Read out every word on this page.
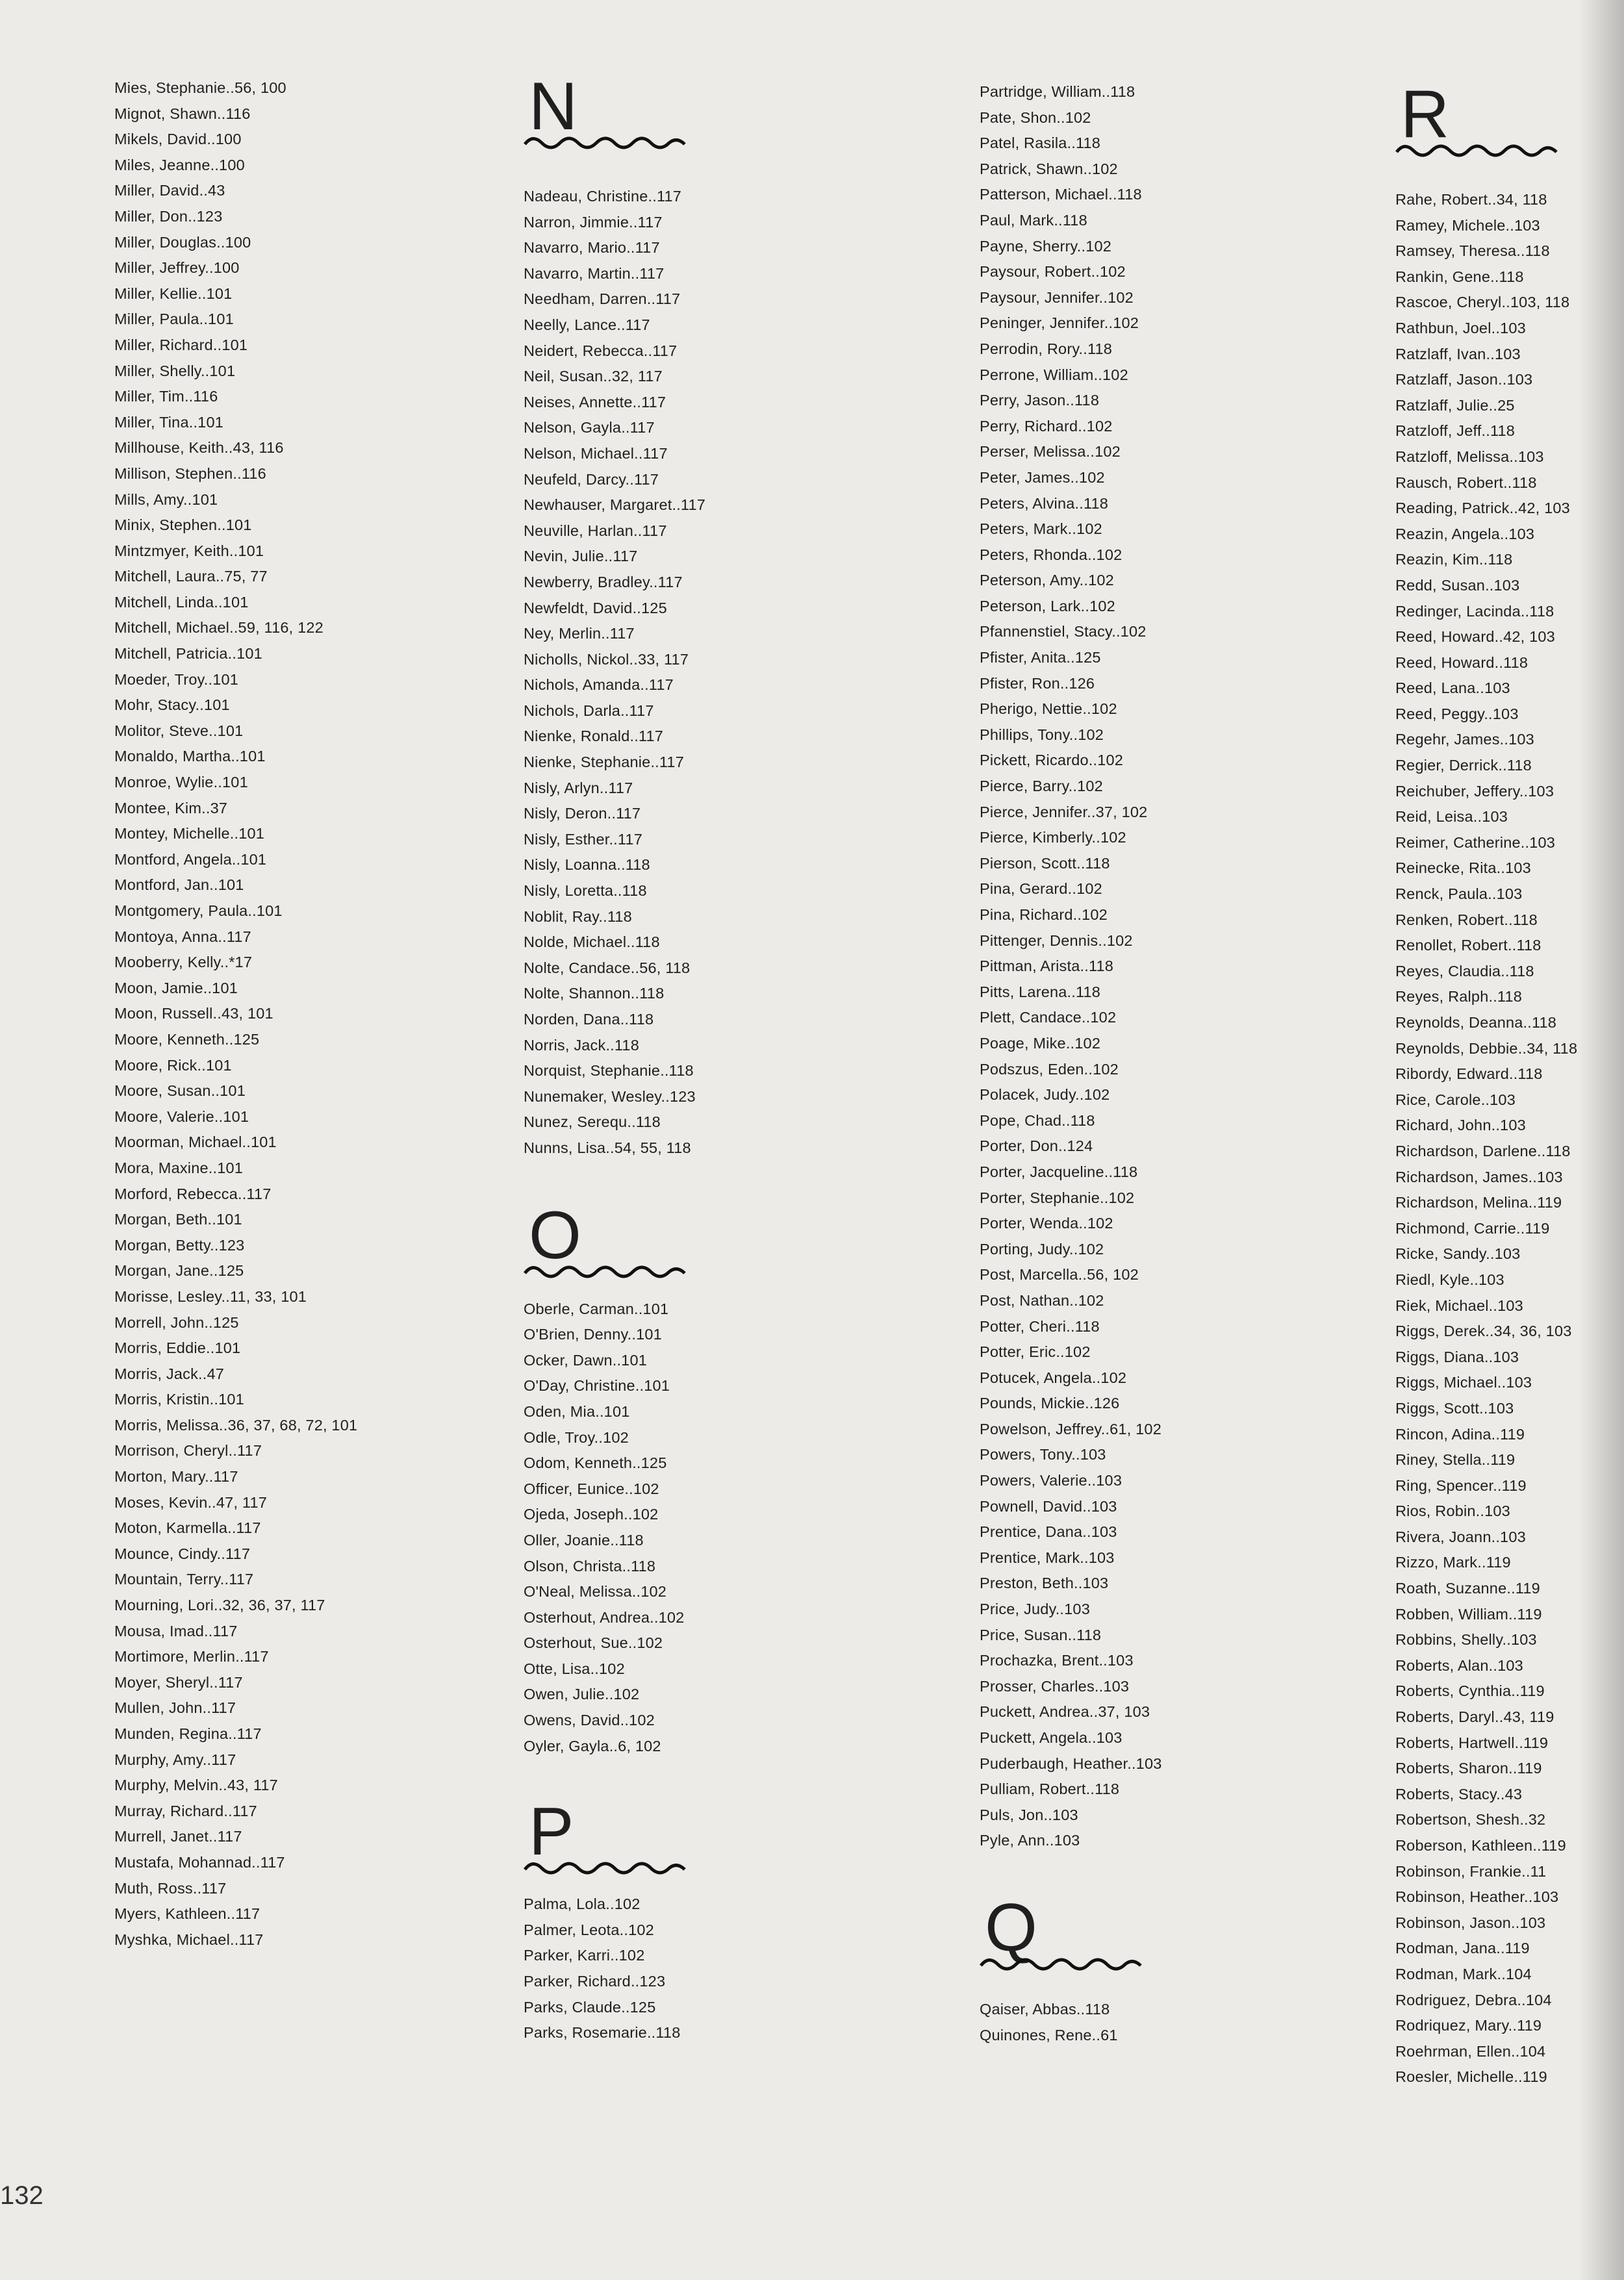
Mies, Stephanie..56, 100
Mignot, Shawn..116
Mikels, David..100
Miles, Jeanne..100
Miller, David..43
Miller, Don..123
Miller, Douglas..100
Miller, Jeffrey..100
Miller, Kellie..101
Miller, Paula..101
Miller, Richard..101
Miller, Shelly..101
Miller, Tim..116
Miller, Tina..101
Millhouse, Keith..43, 116
Millison, Stephen..116
Mills, Amy..101
Minix, Stephen..101
Mintzmyer, Keith..101
Mitchell, Laura..75, 77
Mitchell, Linda..101
Mitchell, Michael..59, 116, 122
Mitchell, Patricia..101
Moeder, Troy..101
Mohr, Stacy..101
Molitor, Steve..101
Monaldo, Martha..101
Monroe, Wylie..101
Montee, Kim..37
Montey, Michelle..101
Montford, Angela..101
Montford, Jan..101
Montgomery, Paula..101
Montoya, Anna..117
Mooberry, Kelly..*17
Moon, Jamie..101
Moon, Russell..43, 101
Moore, Kenneth..125
Moore, Rick..101
Moore, Susan..101
Moore, Valerie..101
Moorman, Michael..101
Mora, Maxine..101
Morford, Rebecca..117
Morgan, Beth..101
Morgan, Betty..123
Morgan, Jane..125
Morisse, Lesley..11, 33, 101
Morrell, John..125
Morris, Eddie..101
Morris, Jack..47
Morris, Kristin..101
Morris, Melissa..36, 37, 68, 72, 101
Morrison, Cheryl..117
Morton, Mary..117
Moses, Kevin..47, 117
Moton, Karmella..117
Mounce, Cindy..117
Mountain, Terry..117
Mourning, Lori..32, 36, 37, 117
Mousa, Imad..117
Mortimore, Merlin..117
Moyer, Sheryl..117
Mullen, John..117
Munden, Regina..117
Murphy, Amy..117
Murphy, Melvin..43, 117
Murray, Richard..117
Murrell, Janet..117
Mustafa, Mohannad..117
Muth, Ross..117
Myers, Kathleen..117
Myshka, Michael..117
N
Nadeau, Christine..117
Narron, Jimmie..117
Navarro, Mario..117
Navarro, Martin..117
Needham, Darren..117
Neelly, Lance..117
Neidert, Rebecca..117
Neil, Susan..32, 117
Neises, Annette..117
Nelson, Gayla..117
Nelson, Michael..117
Neufeld, Darcy..117
Newhauser, Margaret..117
Neuville, Harlan..117
Nevin, Julie..117
Newberry, Bradley..117
Newfeldt, David..125
Ney, Merlin..117
Nicholls, Nickol..33, 117
Nichols, Amanda..117
Nichols, Darla..117
Nienke, Ronald..117
Nienke, Stephanie..117
Nisly, Arlyn..117
Nisly, Deron..117
Nisly, Esther..117
Nisly, Loanna..118
Nisly, Loretta..118
Noblit, Ray..118
Nolde, Michael..118
Nolte, Candace..56, 118
Nolte, Shannon..118
Norden, Dana..118
Norris, Jack..118
Norquist, Stephanie..118
Nunemaker, Wesley..123
Nunez, Serequ..118
Nunns, Lisa..54, 55, 118
O
Oberle, Carman..101
O'Brien, Denny..101
Ocker, Dawn..101
O'Day, Christine..101
Oden, Mia..101
Odle, Troy..102
Odom, Kenneth..125
Officer, Eunice..102
Ojeda, Joseph..102
Oller, Joanie..118
Olson, Christa..118
O'Neal, Melissa..102
Osterhout, Andrea..102
Osterhout, Sue..102
Otte, Lisa..102
Owen, Julie..102
Owens, David..102
Oyler, Gayla..6, 102
P
Palma, Lola..102
Palmer, Leota..102
Parker, Karri..102
Parker, Richard..123
Parks, Claude..125
Parks, Rosemarie..118
Partridge, William..118
Pate, Shon..102
Patel, Rasila..118
Patrick, Shawn..102
Patterson, Michael..118
Paul, Mark..118
Payne, Sherry..102
Paysour, Robert..102
Paysour, Jennifer..102
Peninger, Jennifer..102
Perrodin, Rory..118
Perrone, William..102
Perry, Jason..118
Perry, Richard..102
Perser, Melissa..102
Peter, James..102
Peters, Alvina..118
Peters, Mark..102
Peters, Rhonda..102
Peterson, Amy..102
Peterson, Lark..102
Pfannenstiel, Stacy..102
Pfister, Anita..125
Pfister, Ron..126
Pherigo, Nettie..102
Phillips, Tony..102
Pickett, Ricardo..102
Pierce, Barry..102
Pierce, Jennifer..37, 102
Pierce, Kimberly..102
Pierson, Scott..118
Pina, Gerard..102
Pina, Richard..102
Pittenger, Dennis..102
Pittman, Arista..118
Pitts, Larena..118
Plett, Candace..102
Poage, Mike..102
Podszus, Eden..102
Polacek, Judy..102
Pope, Chad..118
Porter, Don..124
Porter, Jacqueline..118
Porter, Stephanie..102
Porter, Wenda..102
Porting, Judy..102
Post, Marcella..56, 102
Post, Nathan..102
Potter, Cheri..118
Potter, Eric..102
Potucek, Angela..102
Pounds, Mickie..126
Powelson, Jeffrey..61, 102
Powers, Tony..103
Powers, Valerie..103
Pownell, David..103
Prentice, Dana..103
Prentice, Mark..103
Preston, Beth..103
Price, Judy..103
Price, Susan..118
Prochazka, Brent..103
Prosser, Charles..103
Puckett, Andrea..37, 103
Puckett, Angela..103
Puderbaugh, Heather..103
Pulliam, Robert..118
Puls, Jon..103
Pyle, Ann..103
Q
Qaiser, Abbas..118
Quinones, Rene..61
R
Rahe, Robert..34, 118
Ramey, Michele..103
Ramsey, Theresa..118
Rankin, Gene..118
Rascoe, Cheryl..103, 118
Rathbun, Joel..103
Ratzlaff, Ivan..103
Ratzlaff, Jason..103
Ratzlaff, Julie..25
Ratzloff, Jeff..118
Ratzloff, Melissa..103
Rausch, Robert..118
Reading, Patrick..42, 103
Reazin, Angela..103
Reazin, Kim..118
Redd, Susan..103
Redinger, Lacinda..118
Reed, Howard..42, 103
Reed, Howard..118
Reed, Lana..103
Reed, Peggy..103
Regehr, James..103
Regier, Derrick..118
Reichuber, Jeffery..103
Reid, Leisa..103
Reimer, Catherine..103
Reinecke, Rita..103
Renck, Paula..103
Renken, Robert..118
Renollet, Robert..118
Reyes, Claudia..118
Reyes, Ralph..118
Reynolds, Deanna..118
Reynolds, Debbie..34, 118
Ribordy, Edward..118
Rice, Carole..103
Richard, John..103
Richardson, Darlene..118
Richardson, James..103
Richardson, Melina..119
Richmond, Carrie..119
Ricke, Sandy..103
Riedl, Kyle..103
Riek, Michael..103
Riggs, Derek..34, 36, 103
Riggs, Diana..103
Riggs, Michael..103
Riggs, Scott..103
Rincon, Adina..119
Riney, Stella..119
Ring, Spencer..119
Rios, Robin..103
Rivera, Joann..103
Rizzo, Mark..119
Roath, Suzanne..119
Robben, William..119
Robbins, Shelly..103
Roberts, Alan..103
Roberts, Cynthia..119
Roberts, Daryl..43, 119
Roberts, Hartwell..119
Roberts, Sharon..119
Roberts, Stacy..43
Robertson, Shesh..32
Roberson, Kathleen..119
Robinson, Frankie..11
Robinson, Heather..103
Robinson, Jason..103
Rodman, Jana..119
Rodman, Mark..104
Rodriguez, Debra..104
Rodriquez, Mary..119
Roehrman, Ellen..104
Roesler, Michelle..119
132
